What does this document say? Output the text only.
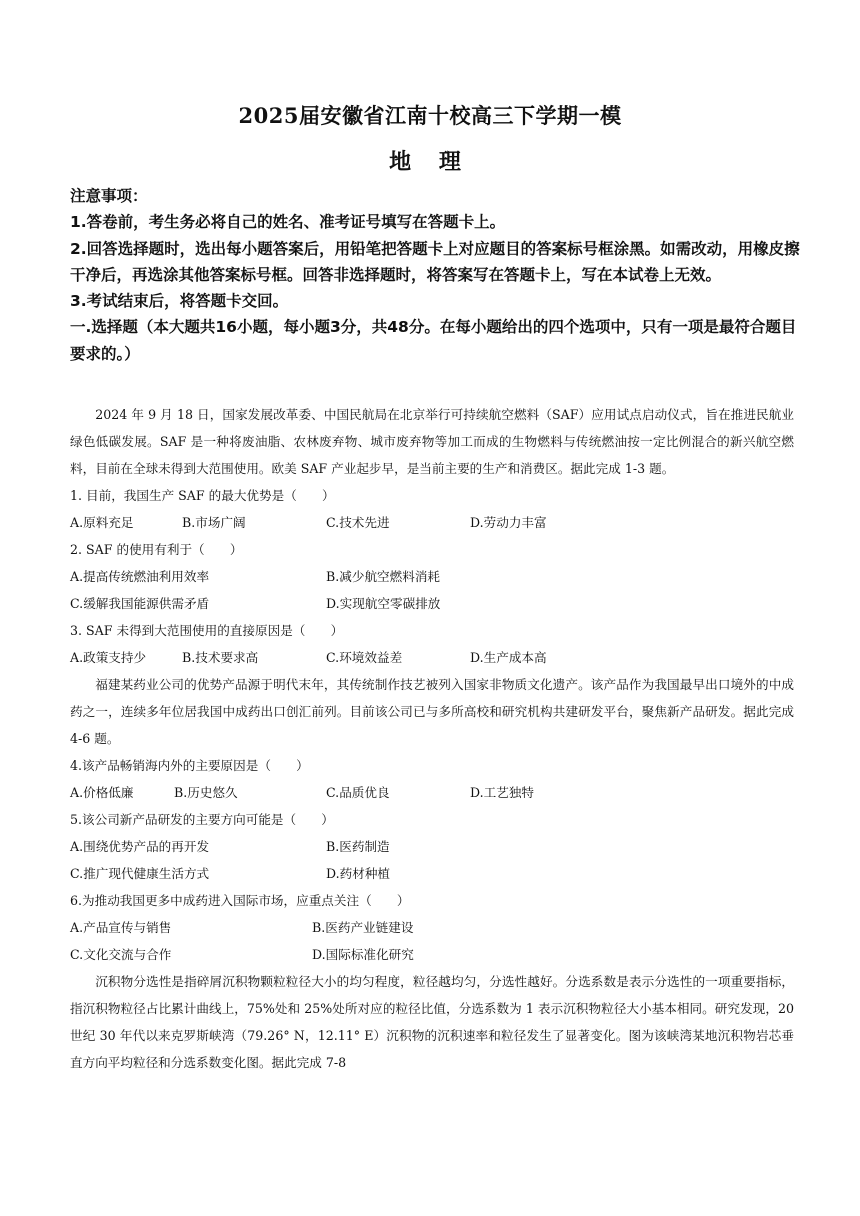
2025届安徽省江南十校高三下学期一模
地 理

注意事项：

1.答卷前，考生务必将自己的姓名、准考证号填写在答题卡上。

2.回答选择题时，选出每小题答案后，用铅笔把答题卡上对应题目的答案标号框涂黑。如需改动，用橡皮擦干净后，再选涂其他答案标号框。回答非选择题时，将答案写在答题卡上，写在本试卷上无效。

3.考试结束后，将答题卡交回。

一.选择题（本大题共16小题，每小题3分，共48分。在每小题给出的四个选项中，只有一项是最符合题目要求的。）

2024 年 9 月 18 日，国家发展改革委、中国民航局在北京举行可持续航空燃料（SAF）应用试点启动仪式，旨在推进民航业绿色低碳发展。SAF 是一种将废油脂、农林废弃物、城市废弃物等加工而成的生物燃料与传统燃油按一定比例混合的新兴航空燃料，目前在全球未得到大范围使用。欧美 SAF 产业起步早，是当前主要的生产和消费区。据此完成 1-3 题。

1. 目前，我国生产 SAF 的最大优势是（　　）

A.原料充足	B.市场广阔	C.技术先进	D.劳动力丰富

2. SAF 的使用有利于（　　）

A.提高传统燃油利用效率	B.减少航空燃料消耗
C.缓解我国能源供需矛盾	D.实现航空零碳排放

3. SAF 未得到大范围使用的直接原因是（　　）

A.政策支持少	B.技术要求高	C.环境效益差	D.生产成本高

福建某药业公司的优势产品源于明代末年，其传统制作技艺被列入国家非物质文化遗产。该产品作为我国最早出口境外的中成药之一，连续多年位居我国中成药出口创汇前列。目前该公司已与多所高校和研究机构共建研发平台，聚焦新产品研发。据此完成 4-6 题。

4.该产品畅销海内外的主要原因是（　　）

A.价格低廉	B.历史悠久	C.品质优良	D.工艺独特

5.该公司新产品研发的主要方向可能是（　　）

A.围绕优势产品的再开发	B.医药制造
C.推广现代健康生活方式	D.药材种植

6.为推动我国更多中成药进入国际市场，应重点关注（　　）

A.产品宣传与销售	B.医药产业链建设
C.文化交流与合作	D.国际标准化研究

沉积物分选性是指碎屑沉积物颗粒粒径大小的均匀程度，粒径越均匀，分选性越好。分选系数是表示分选性的一项重要指标，指沉积物粒径占比累计曲线上，75%处和 25%处所对应的粒径比值，分选系数为 1 表示沉积物粒径大小基本相同。研究发现，20 世纪 30 年代以来克罗斯峡湾（79.26° N，12.11° E）沉积物的沉积速率和粒径发生了显著变化。图为该峡湾某地沉积物岩芯垂直方向平均粒径和分选系数变化图。据此完成 7-8
